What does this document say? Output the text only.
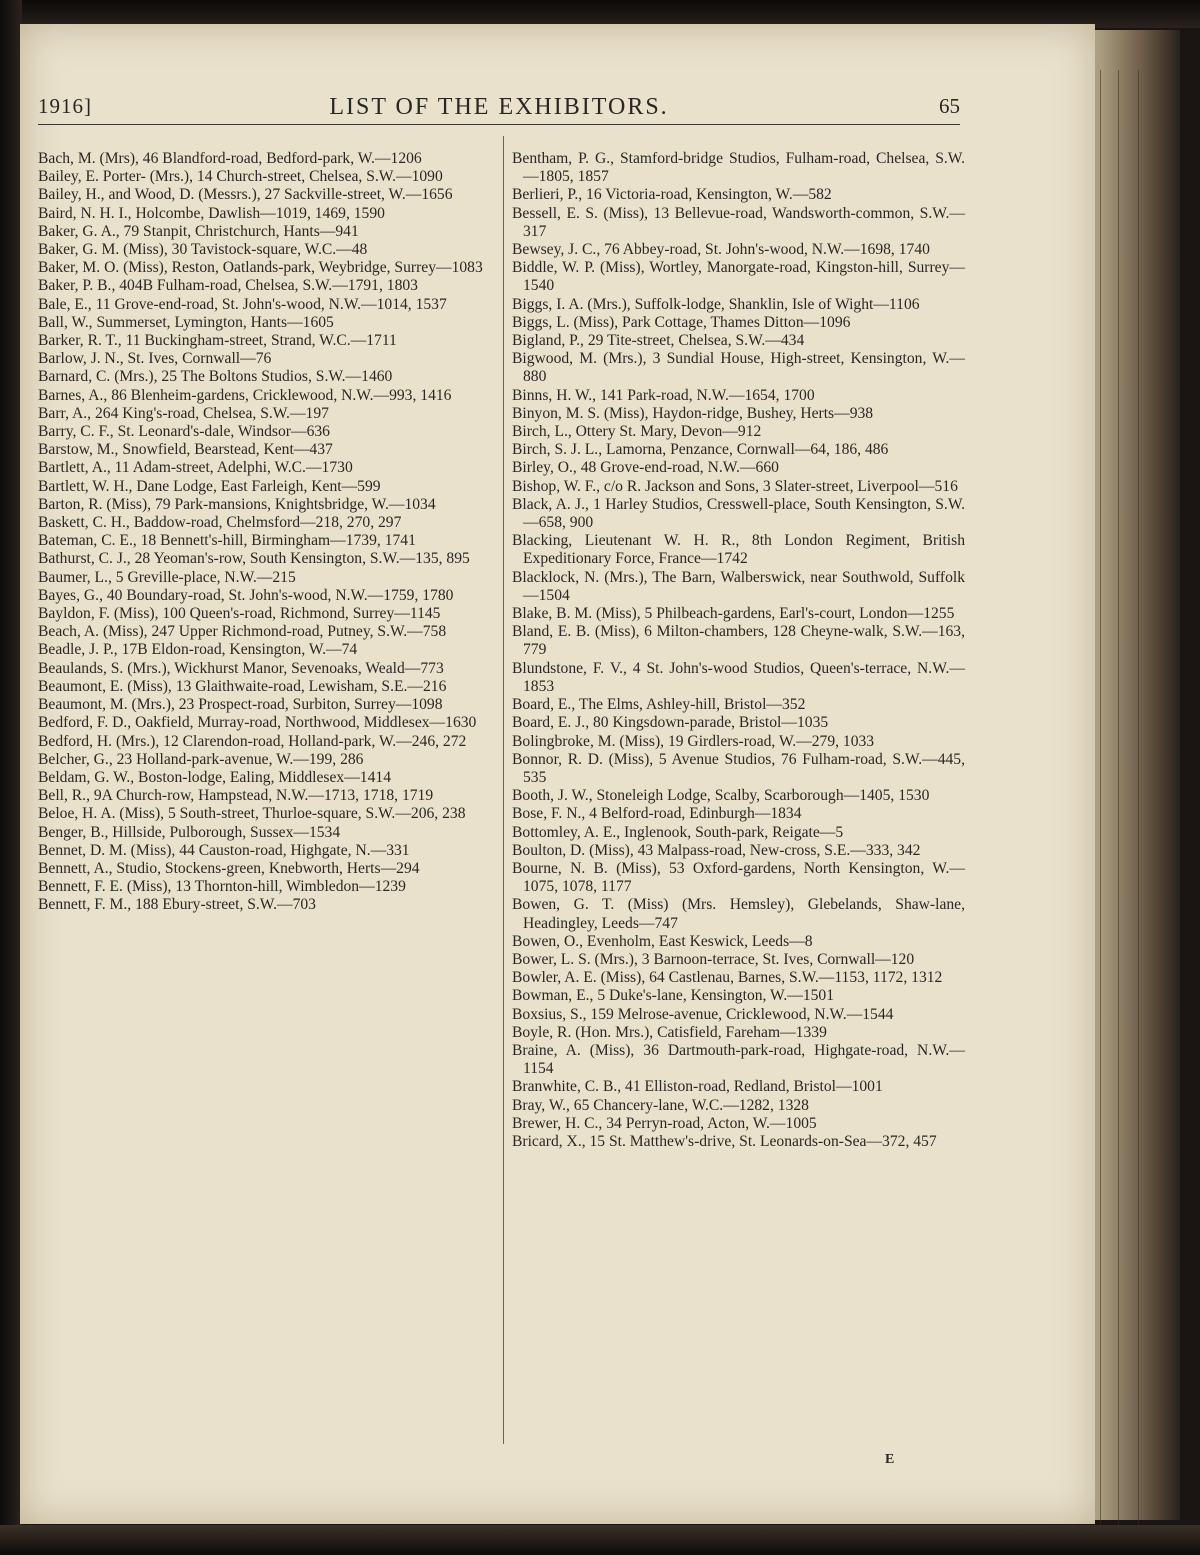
LIST OF THE EXHIBITORS.
1916]	65

Bach, M. (Mrs), 46 Blandford-road, Bedford-park, W.—1206

Bailey, E. Porter- (Mrs.), 14 Church-street, Chelsea, S.W.—1090

Bailey, H., and Wood, D. (Messrs.), 27 Sackville-street, W.—1656

Baird, N. H. I., Holcombe, Dawlish—1019, 1469, 1590

Baker, G. A., 79 Stanpit, Christchurch, Hants—941

Baker, G. M. (Miss), 30 Tavistock-square, W.C.—48

Baker, M. O. (Miss), Reston, Oatlands-park, Weybridge, Surrey—1083

Baker, P. B., 404B Fulham-road, Chelsea, S.W.—1791, 1803

Bale, E., 11 Grove-end-road, St. John's-wood, N.W.—1014, 1537

Ball, W., Summerset, Lymington, Hants—1605

Barker, R. T., 11 Buckingham-street, Strand, W.C.—1711

Barlow, J. N., St. Ives, Cornwall—76

Barnard, C. (Mrs.), 25 The Boltons Studios, S.W.—1460

Barnes, A., 86 Blenheim-gardens, Cricklewood, N.W.—993, 1416

Barr, A., 264 King's-road, Chelsea, S.W.—197

Barry, C. F., St. Leonard's-dale, Windsor—636

Barstow, M., Snowfield, Bearstead, Kent—437

Bartlett, A., 11 Adam-street, Adelphi, W.C.—1730

Bartlett, W. H., Dane Lodge, East Farleigh, Kent—599

Barton, R. (Miss), 79 Park-mansions, Knightsbridge, W.—1034

Baskett, C. H., Baddow-road, Chelmsford—218, 270, 297

Bateman, C. E., 18 Bennett's-hill, Birmingham—1739, 1741

Bathurst, C. J., 28 Yeoman's-row, South Kensington, S.W.—135, 895

Baumer, L., 5 Greville-place, N.W.—215

Bayes, G., 40 Boundary-road, St. John's-wood, N.W.—1759, 1780

Bayldon, F. (Miss), 100 Queen's-road, Richmond, Surrey—1145

Beach, A. (Miss), 247 Upper Richmond-road, Putney, S.W.—758

Beadle, J. P., 17B Eldon-road, Kensington, W.—74

Beaulands, S. (Mrs.), Wickhurst Manor, Sevenoaks, Weald—773

Beaumont, E. (Miss), 13 Glaithwaite-road, Lewisham, S.E.—216

Beaumont, M. (Mrs.), 23 Prospect-road, Surbiton, Surrey—1098

Bedford, F. D., Oakfield, Murray-road, Northwood, Middlesex—1630

Bedford, H. (Mrs.), 12 Clarendon-road, Holland-park, W.—246, 272

Belcher, G., 23 Holland-park-avenue, W.—199, 286

Beldam, G. W., Boston-lodge, Ealing, Middlesex—1414

Bell, R., 9A Church-row, Hampstead, N.W.—1713, 1718, 1719

Beloe, H. A. (Miss), 5 South-street, Thurloe-square, S.W.—206, 238

Benger, B., Hillside, Pulborough, Sussex—1534

Bennet, D. M. (Miss), 44 Causton-road, Highgate, N.—331

Bennett, A., Studio, Stockens-green, Knebworth, Herts—294

Bennett, F. E. (Miss), 13 Thornton-hill, Wimbledon—1239

Bennett, F. M., 188 Ebury-street, S.W.—703

Bentham, P. G., Stamford-bridge Studios, Fulham-road, Chelsea, S.W.—1805, 1857

Berlieri, P., 16 Victoria-road, Kensington, W.—582

Bessell, E. S. (Miss), 13 Bellevue-road, Wandsworth-common, S.W.—317

Bewsey, J. C., 76 Abbey-road, St. John's-wood, N.W.—1698, 1740

Biddle, W. P. (Miss), Wortley, Manorgate-road, Kingston-hill, Surrey—1540

Biggs, I. A. (Mrs.), Suffolk-lodge, Shanklin, Isle of Wight—1106

Biggs, L. (Miss), Park Cottage, Thames Ditton—1096

Bigland, P., 29 Tite-street, Chelsea, S.W.—434

Bigwood, M. (Mrs.), 3 Sundial House, High-street, Kensington, W.—880

Binns, H. W., 141 Park-road, N.W.—1654, 1700

Binyon, M. S. (Miss), Haydon-ridge, Bushey, Herts—938

Birch, L., Ottery St. Mary, Devon—912

Birch, S. J. L., Lamorna, Penzance, Cornwall—64, 186, 486

Birley, O., 48 Grove-end-road, N.W.—660

Bishop, W. F., c/o R. Jackson and Sons, 3 Slater-street, Liverpool—516

Black, A. J., 1 Harley Studios, Cresswell-place, South Kensington, S.W.—658, 900

Blacking, Lieutenant W. H. R., 8th London Regiment, British Expeditionary Force, France—1742

Blacklock, N. (Mrs.), The Barn, Walberswick, near Southwold, Suffolk—1504

Blake, B. M. (Miss), 5 Philbeach-gardens, Earl's-court, London—1255

Bland, E. B. (Miss), 6 Milton-chambers, 128 Cheyne-walk, S.W.—163, 779

Blundstone, F. V., 4 St. John's-wood Studios, Queen's-terrace, N.W.—1853

Board, E., The Elms, Ashley-hill, Bristol—352

Board, E. J., 80 Kingsdown-parade, Bristol—1035

Bolingbroke, M. (Miss), 19 Girdlers-road, W.—279, 1033

Bonnor, R. D. (Miss), 5 Avenue Studios, 76 Fulham-road, S.W.—445, 535

Booth, J. W., Stoneleigh Lodge, Scalby, Scarborough—1405, 1530

Bose, F. N., 4 Belford-road, Edinburgh—1834

Bottomley, A. E., Inglenook, South-park, Reigate—5

Boulton, D. (Miss), 43 Malpass-road, New-cross, S.E.—333, 342

Bourne, N. B. (Miss), 53 Oxford-gardens, North Kensington, W.—1075, 1078, 1177

Bowen, G. T. (Miss) (Mrs. Hemsley), Glebelands, Shaw-lane, Headingley, Leeds—747

Bowen, O., Evenholm, East Keswick, Leeds—8

Bower, L. S. (Mrs.), 3 Barnoon-terrace, St. Ives, Cornwall—120

Bowler, A. E. (Miss), 64 Castlenau, Barnes, S.W.—1153, 1172, 1312

Bowman, E., 5 Duke's-lane, Kensington, W.—1501

Boxsius, S., 159 Melrose-avenue, Cricklewood, N.W.—1544

Boyle, R. (Hon. Mrs.), Catisfield, Fareham—1339

Braine, A. (Miss), 36 Dartmouth-park-road, Highgate-road, N.W.—1154

Branwhite, C. B., 41 Elliston-road, Redland, Bristol—1001

Bray, W., 65 Chancery-lane, W.C.—1282, 1328

Brewer, H. C., 34 Perryn-road, Acton, W.—1005

Bricard, X., 15 St. Matthew's-drive, St. Leonards-on-Sea—372, 457

E
